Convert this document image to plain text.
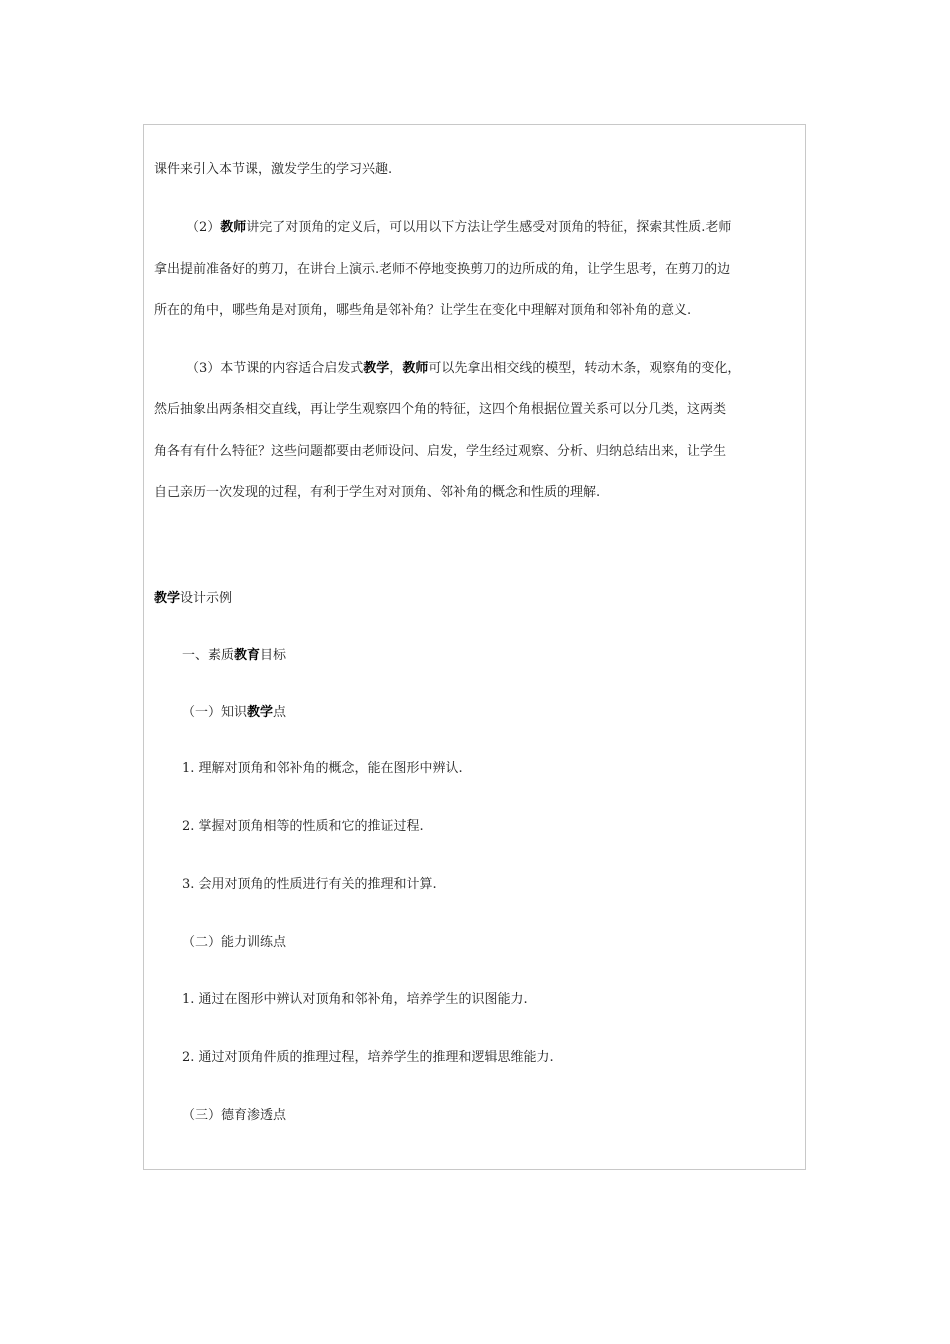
课件来引入本节课，激发学生的学习兴趣.
（2）教师讲完了对顶角的定义后，可以用以下方法让学生感受对顶角的特征，探索其性质.老师
拿出提前准备好的剪刀，在讲台上演示.老师不停地变换剪刀的边所成的角，让学生思考，在剪刀的边
所在的角中，哪些角是对顶角，哪些角是邻补角？让学生在变化中理解对顶角和邻补角的意义.
（3）本节课的内容适合启发式教学，教师可以先拿出相交线的模型，转动木条，观察角的变化，
然后抽象出两条相交直线，再让学生观察四个角的特征，这四个角根据位置关系可以分几类，这两类
角各有有什么特征？这些问题都要由老师设问、启发，学生经过观察、分析、归纳总结出来，让学生
自己亲历一次发现的过程，有利于学生对对顶角、邻补角的概念和性质的理解.
教学设计示例
一、素质教育目标
（一）知识教学点
1. 理解对顶角和邻补角的概念，能在图形中辨认.
2. 掌握对顶角相等的性质和它的推证过程.
3. 会用对顶角的性质进行有关的推理和计算.
（二）能力训练点
1. 通过在图形中辨认对顶角和邻补角，培养学生的识图能力.
2. 通过对顶角件质的推理过程，培养学生的推理和逻辑思维能力.
（三）德育渗透点
